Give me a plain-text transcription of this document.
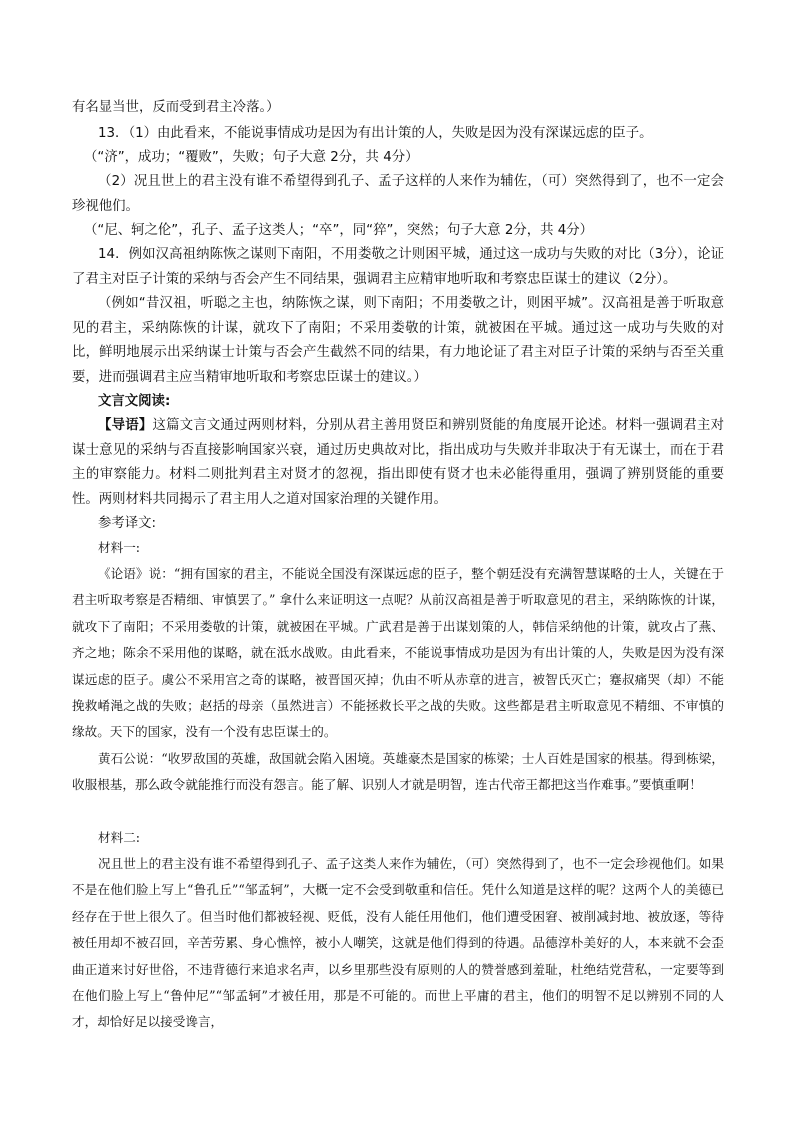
有名显当世，反而受到君主冷落。）

13．（1）由此看来，不能说事情成功是因为有出计策的人，失败是因为没有深谋远虑的臣子。

（“济”，成功；“覆败”，失败；句子大意 2分，共 4分）

（2）况且世上的君主没有谁不希望得到孔子、孟子这样的人来作为辅佐，（可）突然得到了，也不一定会珍视他们。

（“尼、轲之伦”，孔子、孟子这类人；“卒”，同“猝”，突然；句子大意 2分，共 4分）

14．例如汉高祖纳陈恢之谋则下南阳，不用娄敬之计则困平城，通过这一成功与失败的对比（3分），论证了君主对臣子计策的采纳与否会产生不同结果，强调君主应精审地听取和考察忠臣谋士的建议（2分）。

（例如“昔汉祖，听聪之主也，纳陈恢之谋，则下南阳；不用娄敬之计，则困平城”。汉高祖是善于听取意见的君主，采纳陈恢的计谋，就攻下了南阳；不采用娄敬的计策，就被困在平城。通过这一成功与失败的对比，鲜明地展示出采纳谋士计策与否会产生截然不同的结果，有力地论证了君主对臣子计策的采纳与否至关重要，进而强调君主应当精审地听取和考察忠臣谋士的建议。）

文言文阅读:

【导语】这篇文言文通过两则材料，分别从君主善用贤臣和辨别贤能的角度展开论述。材料一强调君主对谋士意见的采纳与否直接影响国家兴衰，通过历史典故对比，指出成功与失败并非取决于有无谋士，而在于君主的审察能力。材料二则批判君主对贤才的忽视，指出即使有贤才也未必能得重用，强调了辨别贤能的重要性。两则材料共同揭示了君主用人之道对国家治理的关键作用。

参考译文:

材料一:

《论语》说：“拥有国家的君主，不能说全国没有深谋远虑的臣子，整个朝廷没有充满智慧谋略的士人，关键在于君主听取考察是否精细、审慎罢了。” 拿什么来证明这一点呢？从前汉高祖是善于听取意见的君主，采纳陈恢的计谋，就攻下了南阳；不采用娄敬的计策，就被困在平城。广武君是善于出谋划策的人，韩信采纳他的计策，就攻占了燕、齐之地；陈余不采用他的谋略，就在泜水战败。由此看来，不能说事情成功是因为有出计策的人，失败是因为没有深谋远虑的臣子。虞公不采用宫之奇的谋略，被晋国灭掉；仇由不听从赤章的进言，被智氏灭亡；蹇叔痛哭（却）不能挽救崤渑之战的失败；赵括的母亲（虽然进言）不能拯救长平之战的失败。这些都是君主听取意见不精细、不审慎的缘故。天下的国家，没有一个没有忠臣谋士的。

黄石公说：“收罗敌国的英雄，敌国就会陷入困境。英雄豪杰是国家的栋梁；士人百姓是国家的根基。得到栋梁，收服根基，那么政令就能推行而没有怨言。能了解、识别人才就是明智，连古代帝王都把这当作难事。”要慎重啊！

材料二:

况且世上的君主没有谁不希望得到孔子、孟子这类人来作为辅佐，（可）突然得到了，也不一定会珍视他们。如果不是在他们脸上写上“鲁孔丘”“邹孟轲”，大概一定不会受到敬重和信任。凭什么知道是这样的呢？这两个人的美德已经存在于世上很久了。但当时他们都被轻视、贬低，没有人能任用他们，他们遭受困窘、被削减封地、被放逐，等待被任用却不被召回，辛苦劳累、身心憔悴，被小人嘲笑，这就是他们得到的待遇。品德淳朴美好的人，本来就不会歪曲正道来讨好世俗，不违背德行来追求名声，以乡里那些没有原则的人的赞誉感到羞耻，杜绝结党营私，一定要等到在他们脸上写上“鲁仲尼”“邹孟轲”才被任用，那是不可能的。而世上平庸的君主，他们的明智不足以辨别不同的人才，却恰好足以接受谗言，
